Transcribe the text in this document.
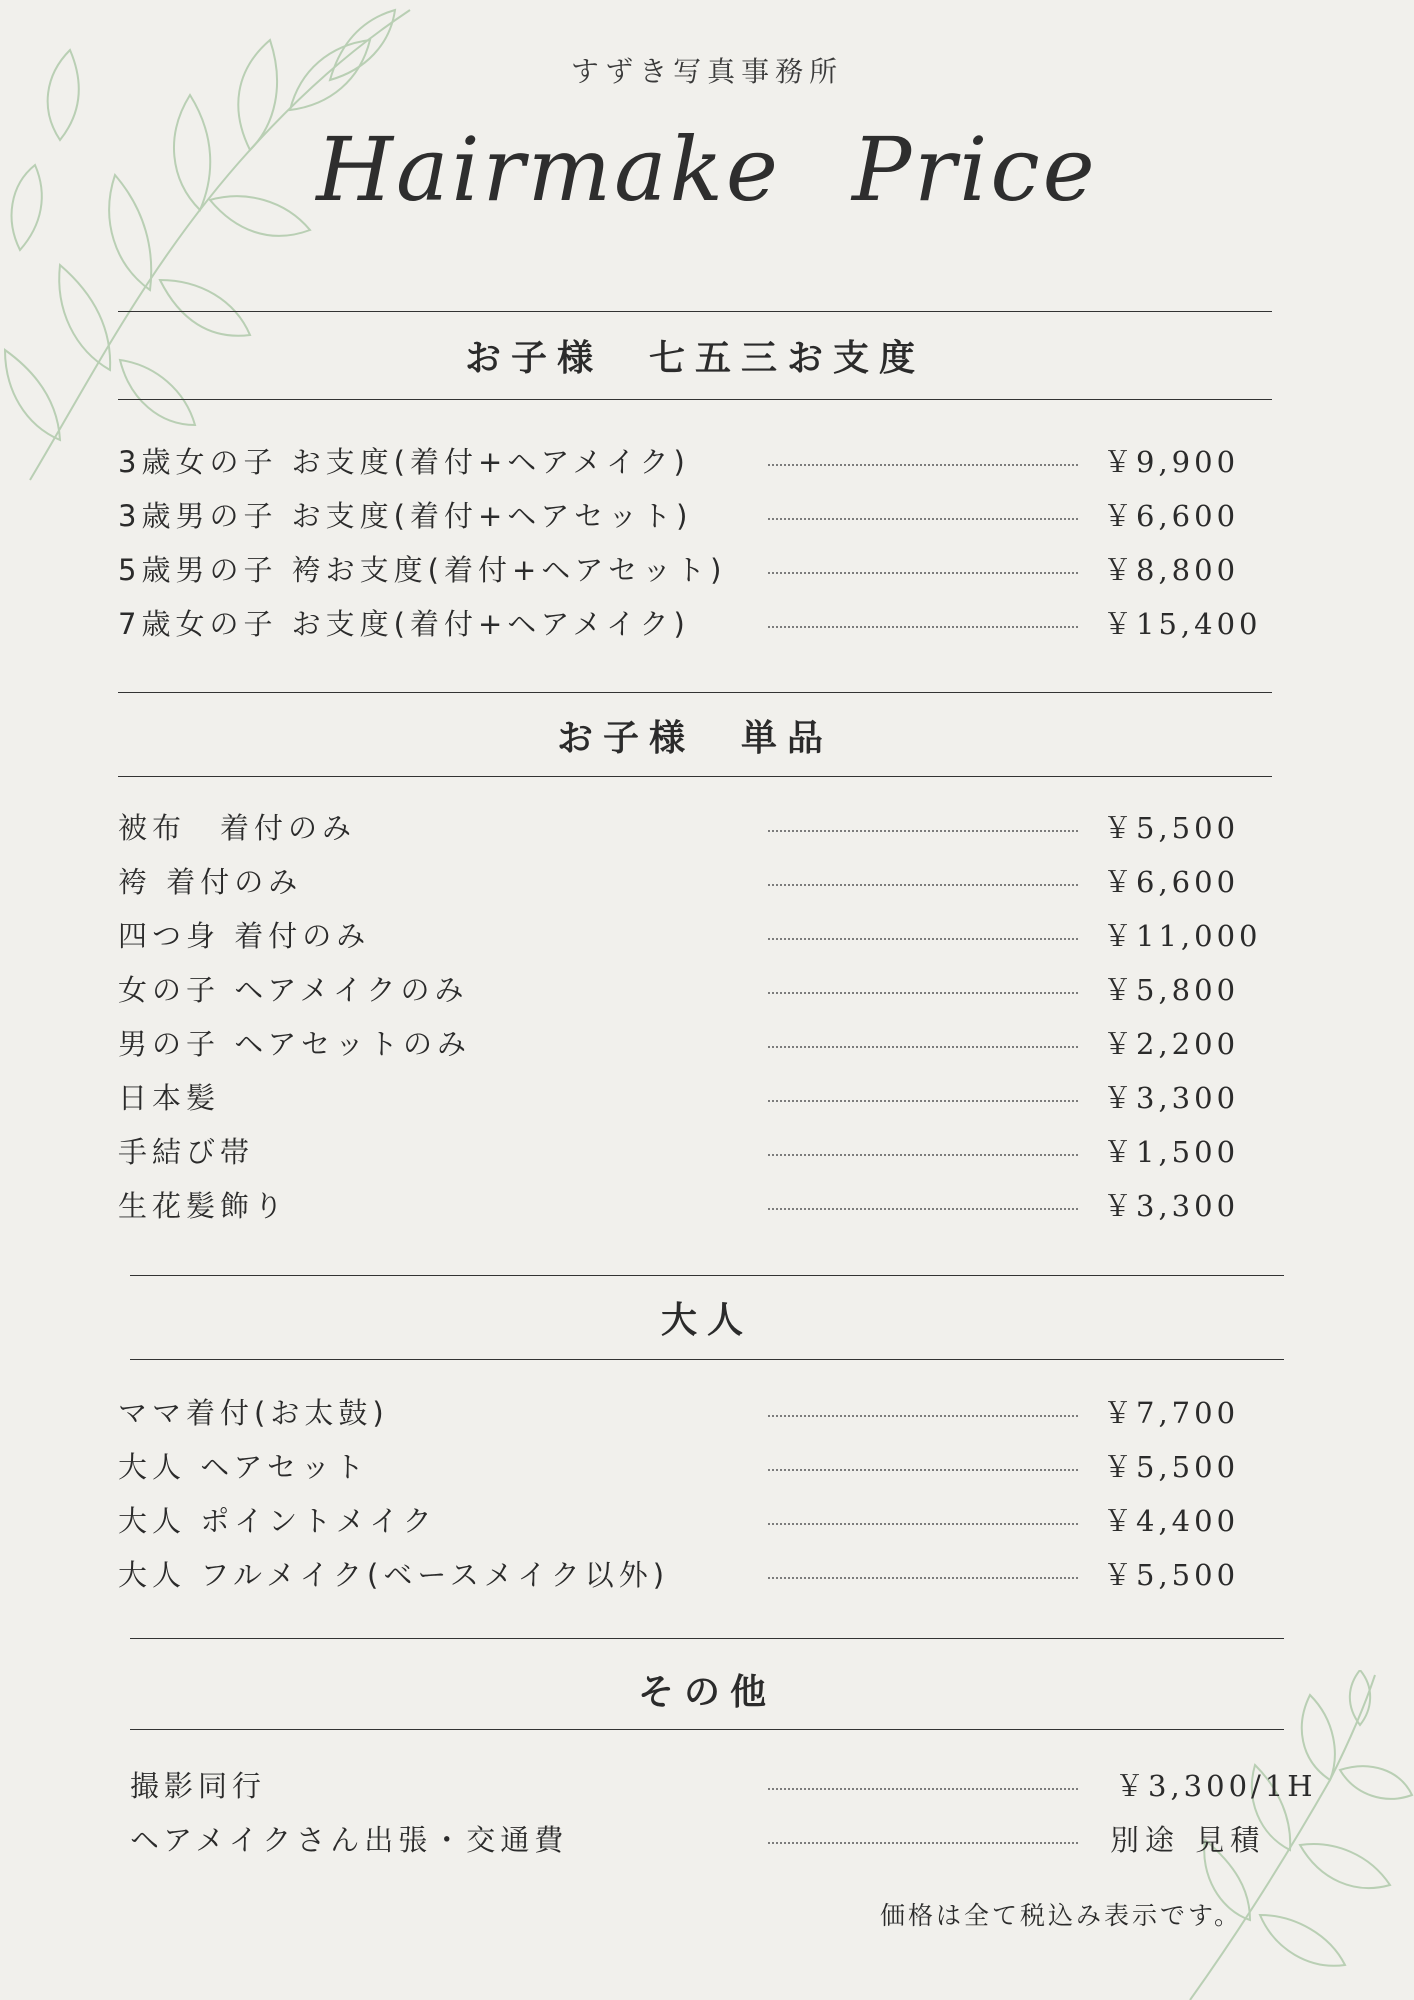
すずき写真事務所
Hairmake Price
お子様　七五三お支度
3歳女の子 お支度(着付+ヘアメイク)	￥9,900
3歳男の子 お支度(着付+ヘアセット)	￥6,600
5歳男の子 袴お支度(着付+ヘアセット)	￥8,800
7歳女の子 お支度(着付+ヘアメイク)	￥15,400
お子様　単品
被布　着付のみ	￥5,500
袴 着付のみ	￥6,600
四つ身 着付のみ	￥11,000
女の子 ヘアメイクのみ	￥5,800
男の子 ヘアセットのみ	￥2,200
日本髪	￥3,300
手結び帯	￥1,500
生花髪飾り	￥3,300
大人
ママ着付(お太鼓)	￥7,700
大人 ヘアセット	￥5,500
大人 ポイントメイク	￥4,400
大人 フルメイク(ベースメイク以外)	￥5,500
その他
撮影同行	￥3,300/1H
ヘアメイクさん出張・交通費	別途 見積
価格は全て税込み表示です。
